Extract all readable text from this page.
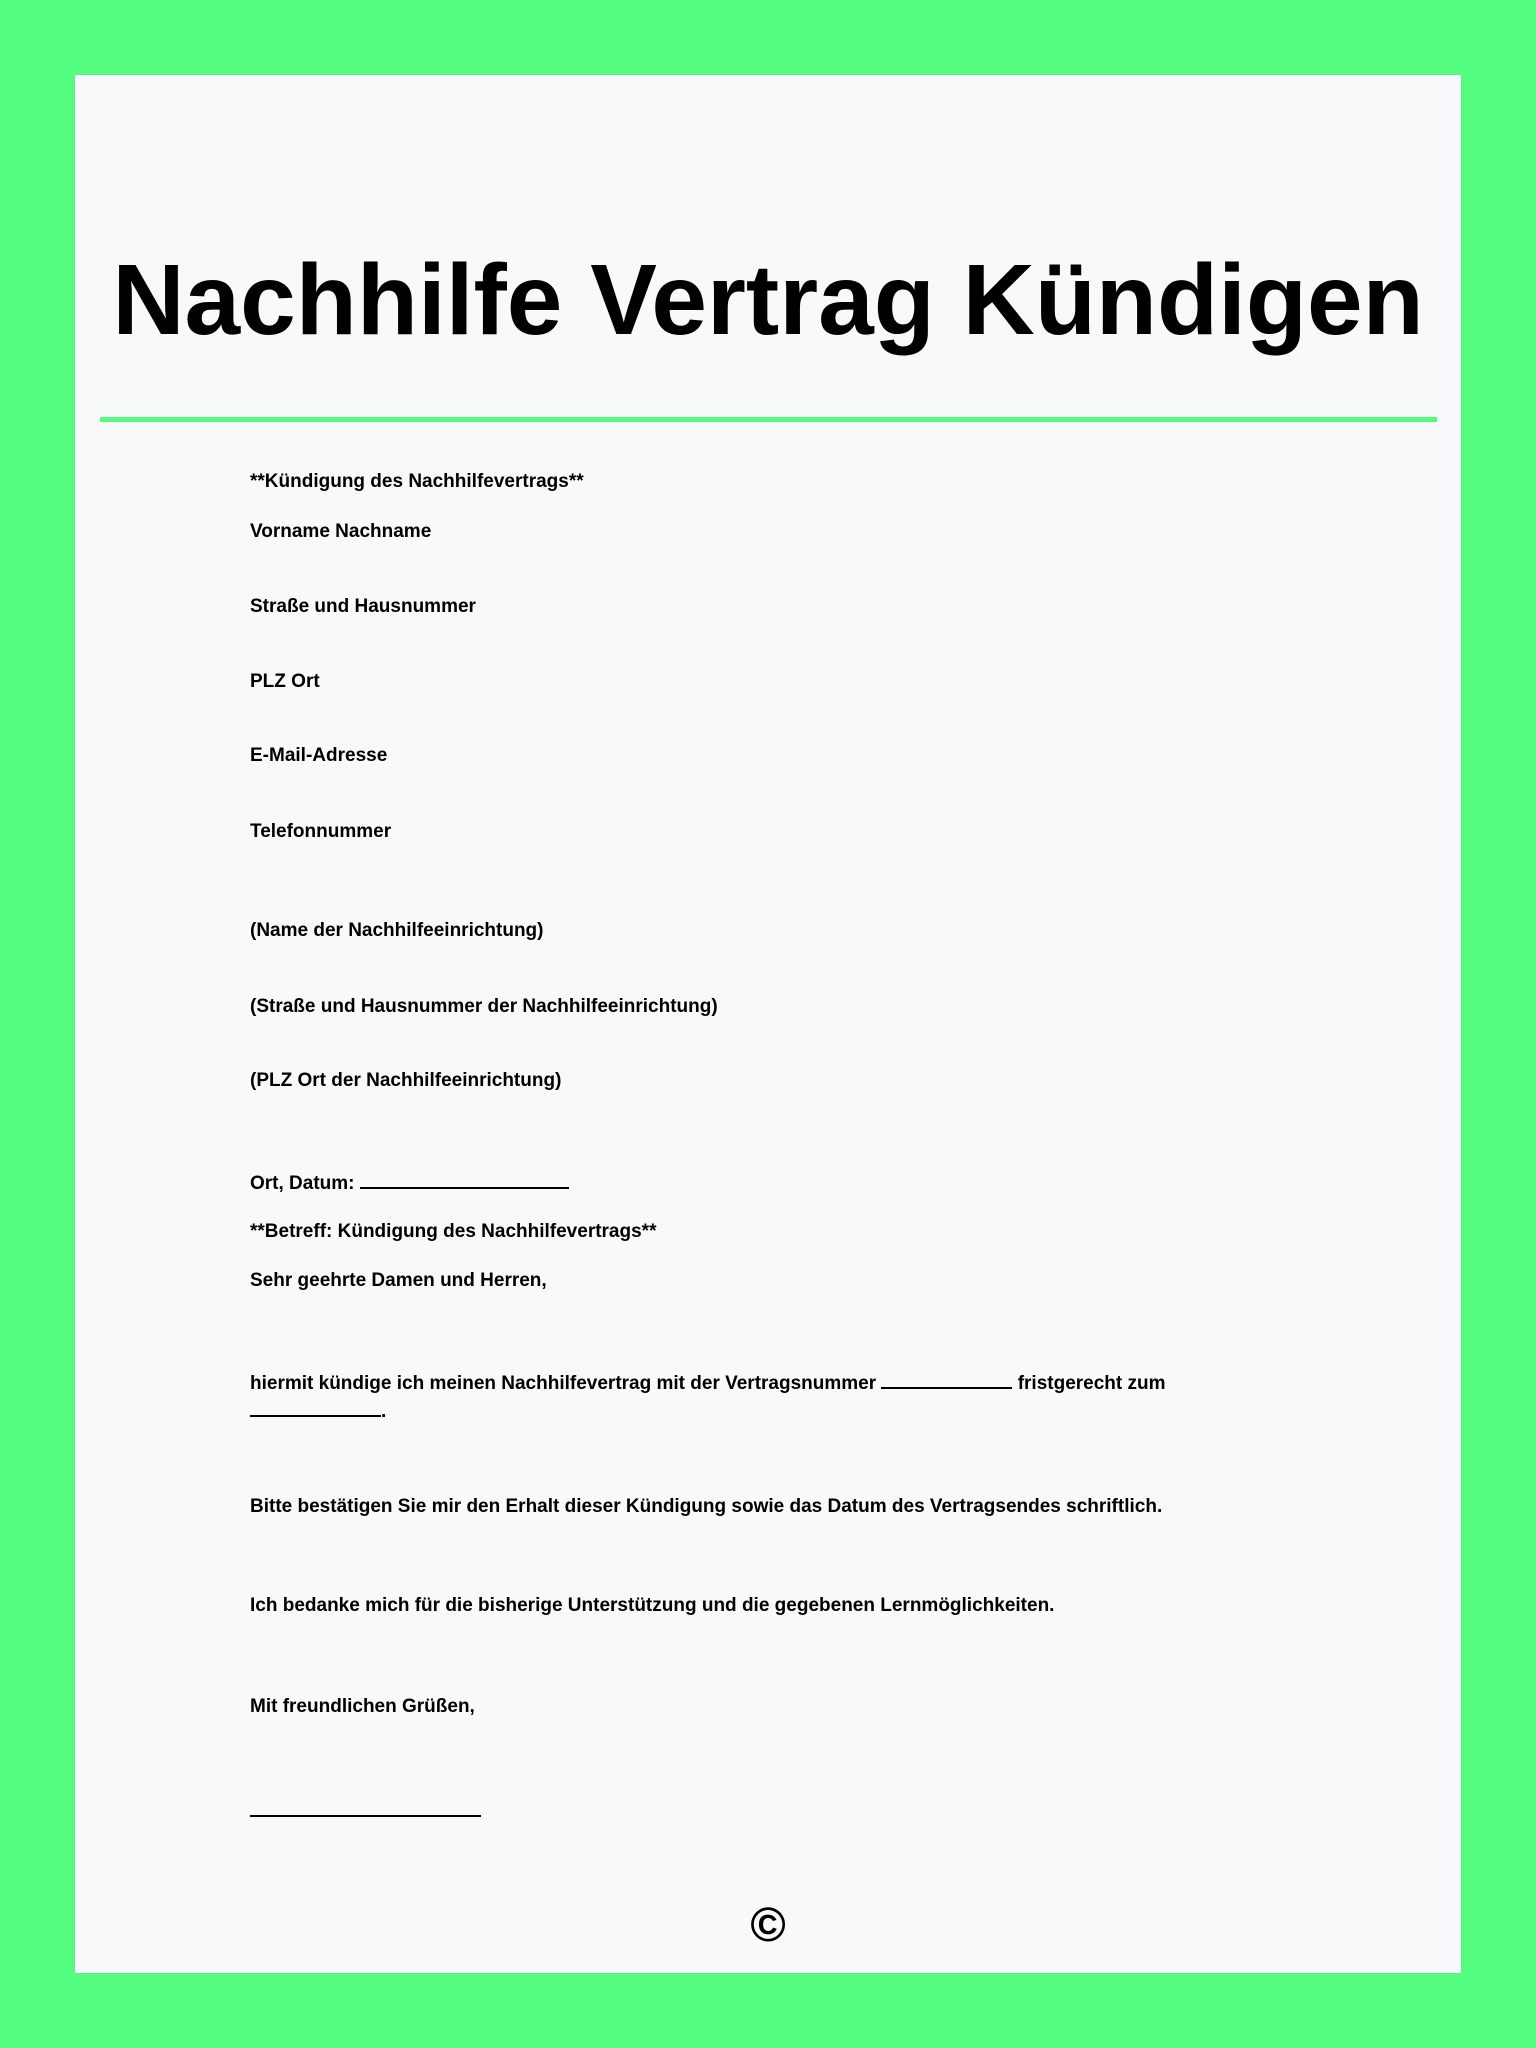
Nachhilfe Vertrag Kündigen
**Kündigung des Nachhilfevertrags**
Vorname Nachname
Straße und Hausnummer
PLZ Ort
E-Mail-Adresse
Telefonnummer
(Name der Nachhilfeeinrichtung)
(Straße und Hausnummer der Nachhilfeeinrichtung)
(PLZ Ort der Nachhilfeeinrichtung)
Ort, Datum:
**Betreff: Kündigung des Nachhilfevertrags**
Sehr geehrte Damen und Herren,
hiermit kündige ich meinen Nachhilfevertrag mit der Vertragsnummer	fristgerecht zum
.
Bitte bestätigen Sie mir den Erhalt dieser Kündigung sowie das Datum des Vertragsendes schriftlich.
Ich bedanke mich für die bisherige Unterstützung und die gegebenen Lernmöglichkeiten.
Mit freundlichen Grüßen,
©
